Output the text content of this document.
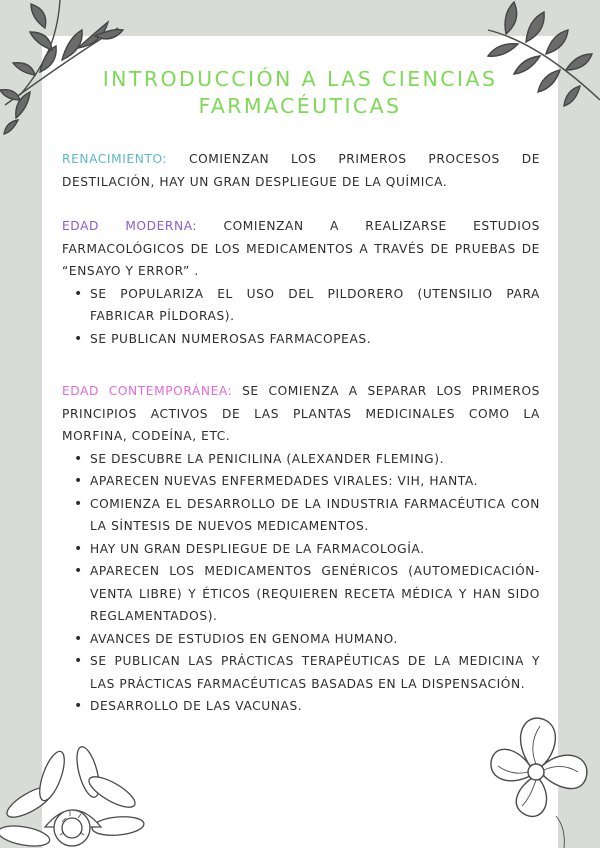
INTRODUCCIÓN A LAS CIENCIAS FARMACÉUTICAS
RENACIMIENTO: COMIENZAN LOS PRIMEROS PROCESOS DE DESTILACIÓN, HAY UN GRAN DESPLIEGUE DE LA QUÍMICA.
EDAD MODERNA: COMIENZAN A REALIZARSE ESTUDIOS FARMACOLÓGICOS DE LOS MEDICAMENTOS A TRAVÉS DE PRUEBAS DE “ENSAYO Y ERROR” .
• SE POPULARIZA EL USO DEL PILDORERO (UTENSILIO PARA FABRICAR PÍLDORAS).
• SE PUBLICAN NUMEROSAS FARMACOPEAS.
EDAD CONTEMPORÁNEA: SE COMIENZA A SEPARAR LOS PRIMEROS PRINCIPIOS ACTIVOS DE LAS PLANTAS MEDICINALES COMO LA MORFINA, CODEÍNA, ETC.
• SE DESCUBRE LA PENICILINA (ALEXANDER FLEMING).
• APARECEN NUEVAS ENFERMEDADES VIRALES: VIH, HANTA.
• COMIENZA EL DESARROLLO DE LA INDUSTRIA FARMACÉUTICA CON LA SÍNTESIS DE NUEVOS MEDICAMENTOS.
• HAY UN GRAN DESPLIEGUE DE LA FARMACOLOGÍA.
• APARECEN LOS MEDICAMENTOS GENÉRICOS (AUTOMEDICACIÓN- VENTA LIBRE) Y ÉTICOS (REQUIEREN RECETA MÉDICA Y HAN SIDO REGLAMENTADOS).
• AVANCES DE ESTUDIOS EN GENOMA HUMANO.
• SE PUBLICAN LAS PRÁCTICAS TERAPÉUTICAS DE LA MEDICINA Y LAS PRÁCTICAS FARMACÉUTICAS BASADAS EN LA DISPENSACIÓN.
• DESARROLLO DE LAS VACUNAS.
